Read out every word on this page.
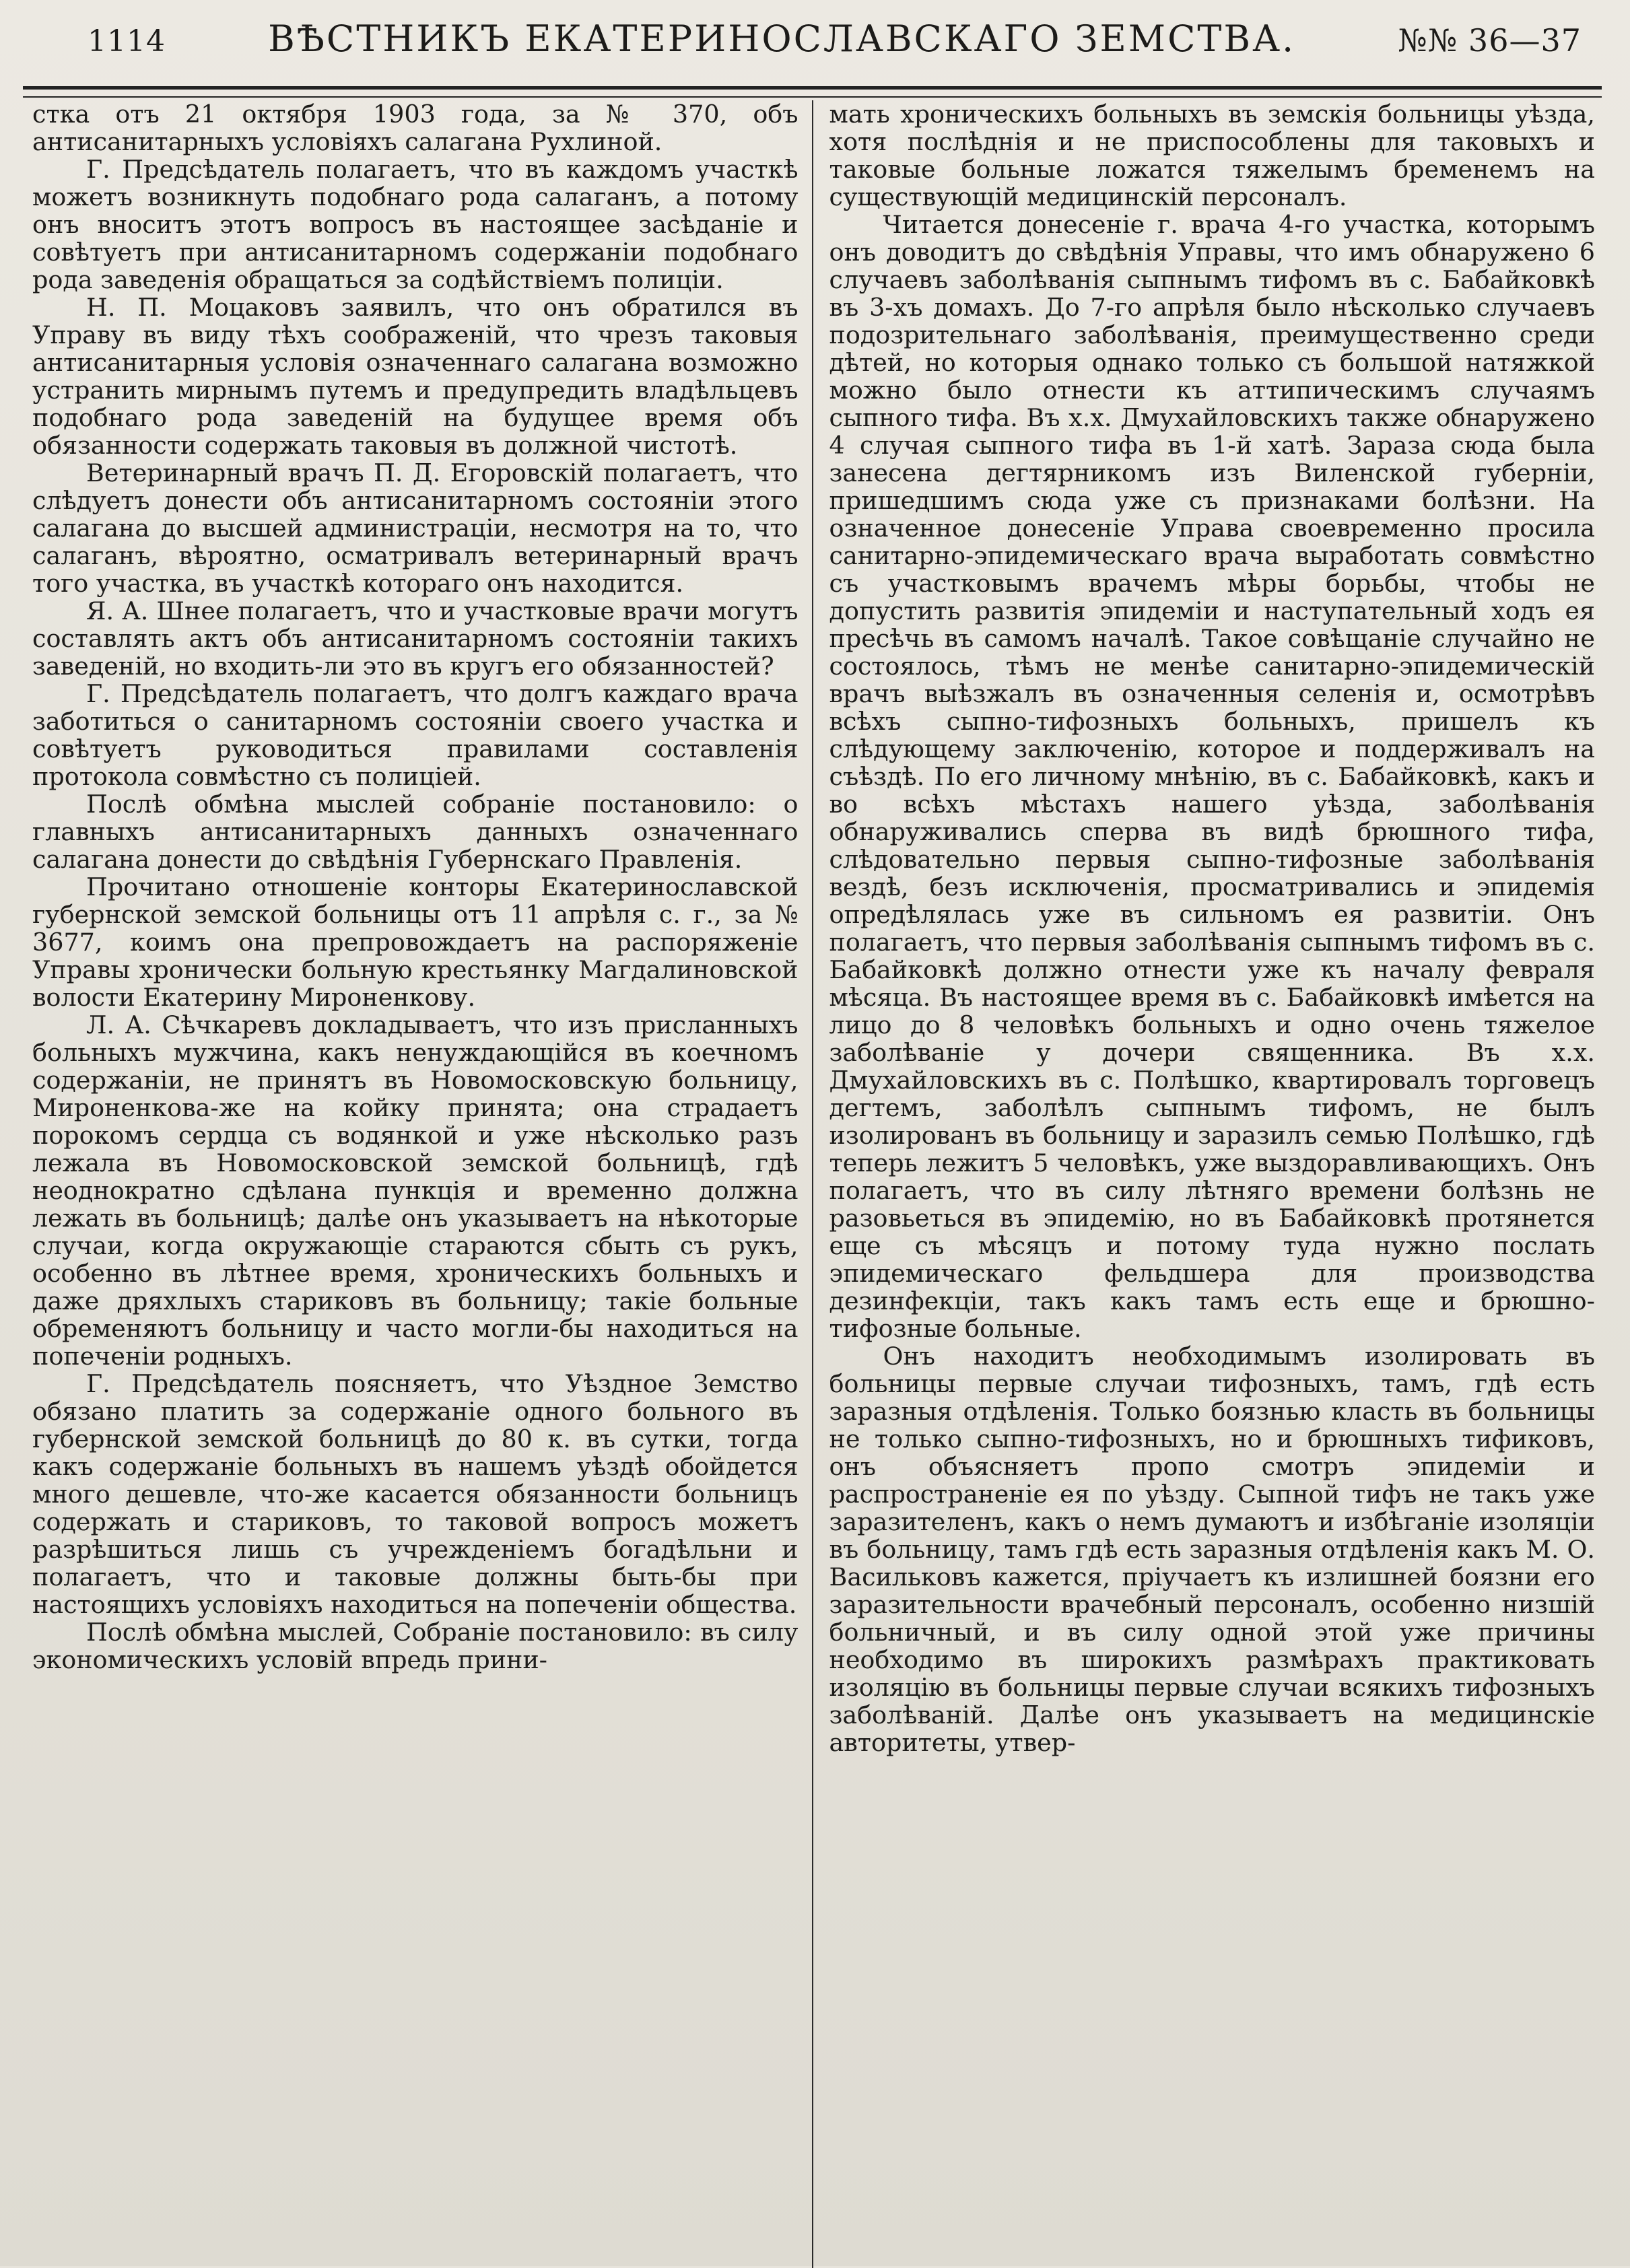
1114	ВѢСТНИКЪ ЕКАТЕРИНОСЛАВСКАГО ЗЕМСТВА.	№№ 36—37

стка отъ 21 октября 1903 года, за № 370, объ антисанитарныхъ условiяхъ салагана Рухлиной.

Г. Предсѣдатель полагаетъ, что въ каждомъ участкѣ можетъ возникнуть подобнаго рода салаганъ, а потому онъ вноситъ этотъ вопросъ въ настоящее засѣданiе и совѣтуетъ при антисанитарномъ содержанiи подобнаго рода заведенiя обращаться за содѣйствiемъ полицiи.

Н. П. Моцаковъ заявилъ, что онъ обратился въ Управу въ виду тѣхъ соображенiй, что чрезъ таковыя антисанитарныя условiя означеннаго салагана возможно устранить мирнымъ путемъ и предупредить владѣльцевъ подобнаго рода заведенiй на будущее время объ обязанности содержать таковыя въ должной чистотѣ.

Ветеринарный врачъ П. Д. Егоровскiй полагаетъ, что слѣдуетъ донести объ антисанитарномъ состоянiи этого салагана до высшей администрацiи, несмотря на то, что салаганъ, вѣроятно, осматривалъ ветеринарный врачъ того участка, въ участкѣ котораго онъ находится.

Я. А. Шнее полагаетъ, что и участковые врачи могутъ составлять актъ объ антисанитарномъ состоянiи такихъ заведенiй, но входить-ли это въ кругъ его обязанностей?

Г. Предсѣдатель полагаетъ, что долгъ каждаго врача заботиться о санитарномъ состоянiи своего участка и совѣтуетъ руководиться правилами составленiя протокола совмѣстно съ полицiей.

Послѣ обмѣна мыслей собранiе постановило: о главныхъ антисанитарныхъ данныхъ означеннаго салагана донести до свѣдѣнiя Губернскаго Правленiя.

Прочитано отношенiе конторы Екатеринославской губернской земской больницы отъ 11 апрѣля с. г., за № 3677, коимъ она препровождаетъ на распоряженiе Управы хронически больную крестьянку Магдалиновской волости Екатерину Мироненкову.

Л. А. Сѣчкаревъ докладываетъ, что изъ присланныхъ больныхъ мужчина, какъ ненуждающiйся въ коечномъ содержанiи, не принятъ въ Новомосковскую больницу, Мироненкова-же на койку принята; она страдаетъ порокомъ сердца съ водянкой и уже нѣсколько разъ лежала въ Новомосковской земской больницѣ, гдѣ неоднократно сдѣлана пункцiя и временно должна лежать въ больницѣ; далѣе онъ указываетъ на нѣкоторые случаи, когда окружающiе стараются сбыть съ рукъ, особенно въ лѣтнее время, хроническихъ больныхъ и даже дряхлыхъ стариковъ въ больницу; такiе больные обременяютъ больницу и часто могли-бы находиться на попеченiи родныхъ.

Г. Предсѣдатель поясняетъ, что Уѣздное Земство обязано платить за содержанiе одного больного въ губернской земской больницѣ до 80 к. въ сутки, тогда какъ содержанiе больныхъ въ нашемъ уѣздѣ обойдется много дешевле, что-же касается обязанности больницъ содержать и стариковъ, то таковой вопросъ можетъ разрѣшиться лишь съ учрежденiемъ богадѣльни и полагаетъ, что и таковые должны быть-бы при настоящихъ условiяхъ находиться на попеченiи общества.

Послѣ обмѣна мыслей, Собранiе постановило: въ силу экономическихъ условiй впредь прини-

мать хроническихъ больныхъ въ земскiя больницы уѣзда, хотя послѣднiя и не приспособлены для таковыхъ и таковые больные ложатся тяжелымъ бременемъ на существующiй медицинскiй персоналъ.

Читается донесенiе г. врача 4-го участка, которымъ онъ доводитъ до свѣдѣнiя Управы, что имъ обнаружено 6 случаевъ заболѣванiя сыпнымъ тифомъ въ с. Бабайковкѣ въ 3-хъ домахъ. До 7-го апрѣля было нѣсколько случаевъ подозрительнаго заболѣванiя, преимущественно среди дѣтей, но которыя однако только съ большой натяжкой можно было отнести къ аттипическимъ случаямъ сыпного тифа. Въ х.х. Дмухайловскихъ также обнаружено 4 случая сыпного тифа въ 1-й хатѣ. Зараза сюда была занесена дегтярникомъ изъ Виленской губернiи, пришедшимъ сюда уже съ признаками болѣзни. На означенное донесенiе Управа своевременно просила санитарно-эпидемическаго врача выработать совмѣстно съ участковымъ врачемъ мѣры борьбы, чтобы не допустить развитiя эпидемiи и наступательный ходъ ея пресѣчь въ самомъ началѣ. Такое совѣщанiе случайно не состоялось, тѣмъ не менѣе санитарно-эпидемическiй врачъ выѣзжалъ въ означенныя селенiя и, осмотрѣвъ всѣхъ сыпно-тифозныхъ больныхъ, пришелъ къ слѣдующему заключенiю, которое и поддерживалъ на съѣздѣ. По его личному мнѣнiю, въ с. Бабайковкѣ, какъ и во всѣхъ мѣстахъ нашего уѣзда, заболѣванiя обнаруживались сперва въ видѣ брюшного тифа, слѣдовательно первыя сыпно-тифозные заболѣванiя вездѣ, безъ исключенiя, просматривались и эпидемiя опредѣлялась уже въ сильномъ ея развитiи. Онъ полагаетъ, что первыя заболѣванiя сыпнымъ тифомъ въ с. Бабайковкѣ должно отнести уже къ началу февраля мѣсяца. Въ настоящее время въ с. Бабайковкѣ имѣется на лицо до 8 человѣкъ больныхъ и одно очень тяжелое заболѣванiе у дочери священника. Въ х.х. Дмухайловскихъ въ с. Полѣшко, квартировалъ торговецъ дегтемъ, заболѣлъ сыпнымъ тифомъ, не былъ изолированъ въ больницу и заразилъ семью Полѣшко, гдѣ теперь лежитъ 5 человѣкъ, уже выздоравливающихъ. Онъ полагаетъ, что въ силу лѣтняго времени болѣзнь не разовьеться въ эпидемiю, но въ Бабайковкѣ протянется еще съ мѣсяцъ и потому туда нужно послать эпидемическаго фельдшера для производства дезинфекцiи, такъ какъ тамъ есть еще и брюшно-тифозные больные.

Онъ находитъ необходимымъ изолировать въ больницы первые случаи тифозныхъ, тамъ, гдѣ есть заразныя отдѣленiя. Только боязнью класть въ больницы не только сыпно-тифозныхъ, но и брюшныхъ тификовъ, онъ объясняетъ пропо смотръ эпидемiи и распространенiе ея по уѣзду. Сыпной тифъ не такъ уже заразителенъ, какъ о немъ думаютъ и избѣганiе изоляцiи въ больницу, тамъ гдѣ есть заразныя отдѣленiя какъ М. О. Васильковъ кажется, прiучаетъ къ излишней боязни его заразительности врачебный персоналъ, особенно низшiй больничный, и въ силу одной этой уже причины необходимо въ широкихъ размѣрахъ практиковать изоляцiю въ больницы первые случаи всякихъ тифозныхъ заболѣванiй. Далѣе онъ указываетъ на медицинскiе авторитеты, утвер-
